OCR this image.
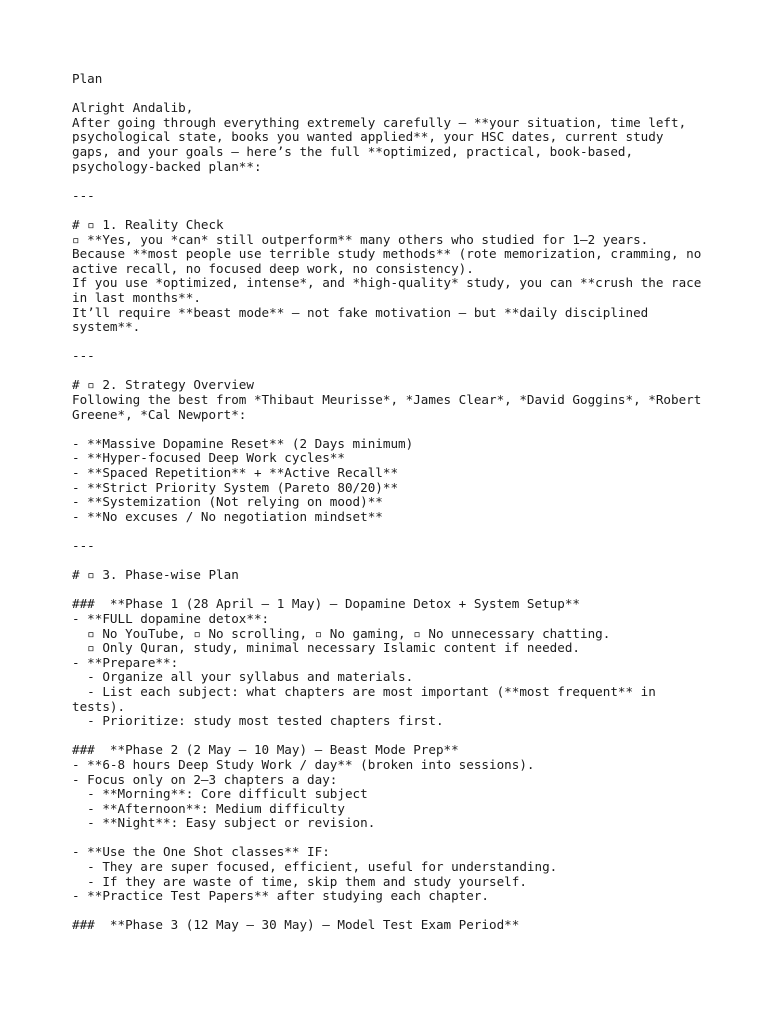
Plan
Alright Andalib,
After going through everything extremely carefully — **your situation, time left,
psychological state, books you wanted applied**, your HSC dates, current study
gaps, and your goals — here’s the full **optimized, practical, book-based,
psychology-backed plan**:
---
# ▫ 1. Reality Check
▫ **Yes, you *can* still outperform** many others who studied for 1–2 years.
Because **most people use terrible study methods** (rote memorization, cramming, no
active recall, no focused deep work, no consistency).
If you use *optimized, intense*, and *high-quality* study, you can **crush the race
in last months**.
It’ll require **beast mode** — not fake motivation — but **daily disciplined
system**.
---
# ▫ 2. Strategy Overview
Following the best from *Thibaut Meurisse*, *James Clear*, *David Goggins*, *Robert
Greene*, *Cal Newport*:
- **Massive Dopamine Reset** (2 Days minimum)
- **Hyper-focused Deep Work cycles**
- **Spaced Repetition** + **Active Recall**
- **Strict Priority System (Pareto 80/20)**
- **Systemization (Not relying on mood)**
- **No excuses / No negotiation mindset**
---
# ▫ 3. Phase-wise Plan
###  **Phase 1 (28 April – 1 May) — Dopamine Detox + System Setup**
- **FULL dopamine detox**:
▫ No YouTube, ▫ No scrolling, ▫ No gaming, ▫ No unnecessary chatting.
▫ Only Quran, study, minimal necessary Islamic content if needed.
- **Prepare**:
- Organize all your syllabus and materials.
- List each subject: what chapters are most important (**most frequent** in
tests).
- Prioritize: study most tested chapters first.
###  **Phase 2 (2 May – 10 May) — Beast Mode Prep**
- **6-8 hours Deep Study Work / day** (broken into sessions).
- Focus only on 2–3 chapters a day:
- **Morning**: Core difficult subject
- **Afternoon**: Medium difficulty
- **Night**: Easy subject or revision.
- **Use the One Shot classes** IF:
- They are super focused, efficient, useful for understanding.
- If they are waste of time, skip them and study yourself.
- **Practice Test Papers** after studying each chapter.
###  **Phase 3 (12 May – 30 May) — Model Test Exam Period**
